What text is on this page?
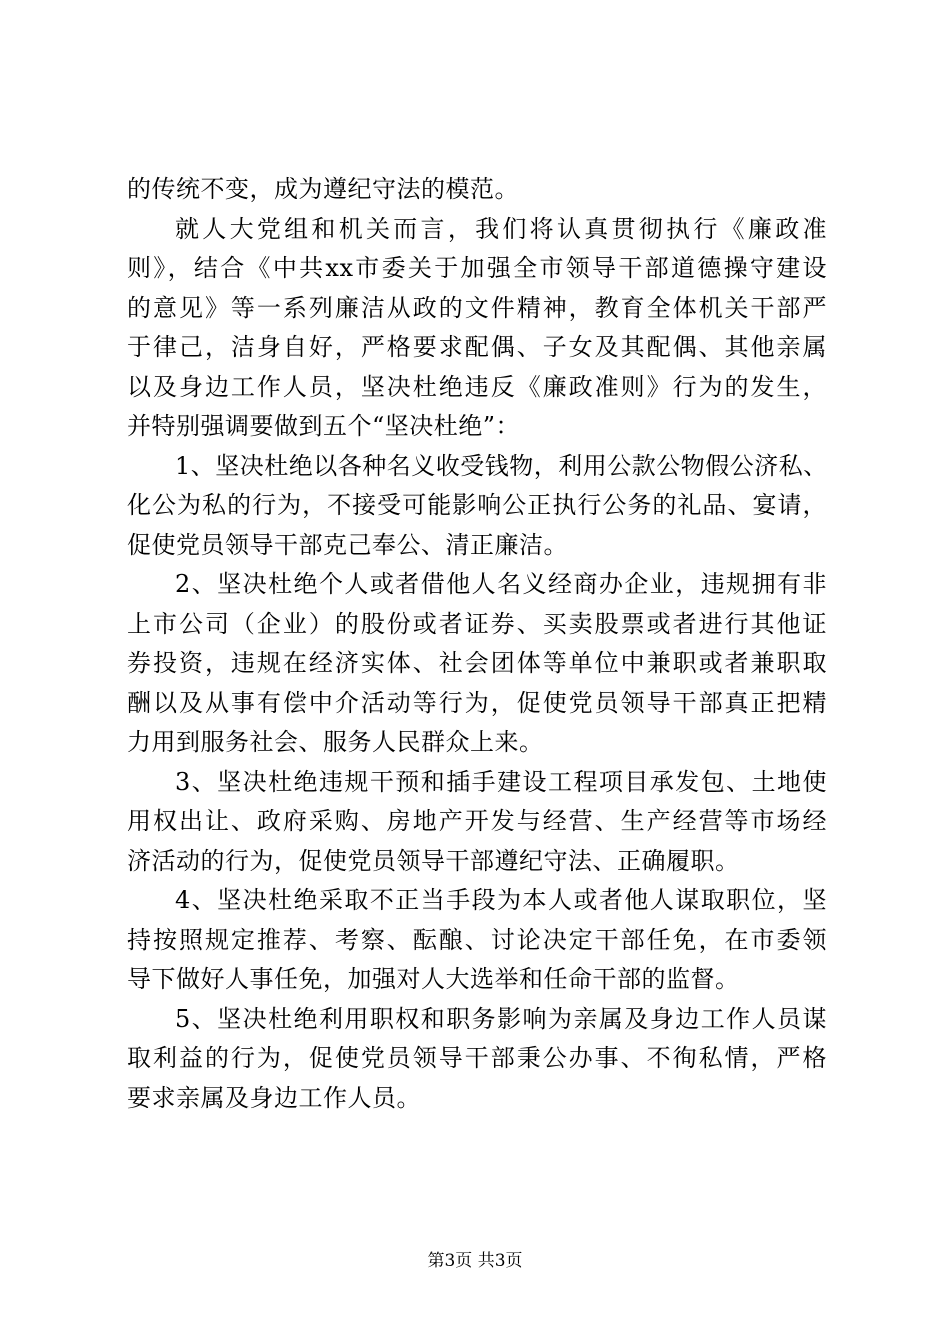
的传统不变，成为遵纪守法的模范。
就人大党组和机关而言，我们将认真贯彻执行《廉政准
则》，结合《中共xx市委关于加强全市领导干部道德操守建设
的意见》等一系列廉洁从政的文件精神，教育全体机关干部严
于律己，洁身自好，严格要求配偶、子女及其配偶、其他亲属
以及身边工作人员，坚决杜绝违反《廉政准则》行为的发生，
并特别强调要做到五个“坚决杜绝”：
1、坚决杜绝以各种名义收受钱物，利用公款公物假公济私、
化公为私的行为，不接受可能影响公正执行公务的礼品、宴请，
促使党员领导干部克己奉公、清正廉洁。
2、坚决杜绝个人或者借他人名义经商办企业，违规拥有非
上市公司（企业）的股份或者证券、买卖股票或者进行其他证
券投资，违规在经济实体、社会团体等单位中兼职或者兼职取
酬以及从事有偿中介活动等行为，促使党员领导干部真正把精
力用到服务社会、服务人民群众上来。
3、坚决杜绝违规干预和插手建设工程项目承发包、土地使
用权出让、政府采购、房地产开发与经营、生产经营等市场经
济活动的行为，促使党员领导干部遵纪守法、正确履职。
4、坚决杜绝采取不正当手段为本人或者他人谋取职位，坚
持按照规定推荐、考察、酝酿、讨论决定干部任免，在市委领
导下做好人事任免，加强对人大选举和任命干部的监督。
5、坚决杜绝利用职权和职务影响为亲属及身边工作人员谋
取利益的行为，促使党员领导干部秉公办事、不徇私情，严格
要求亲属及身边工作人员。
第3页 共3页
